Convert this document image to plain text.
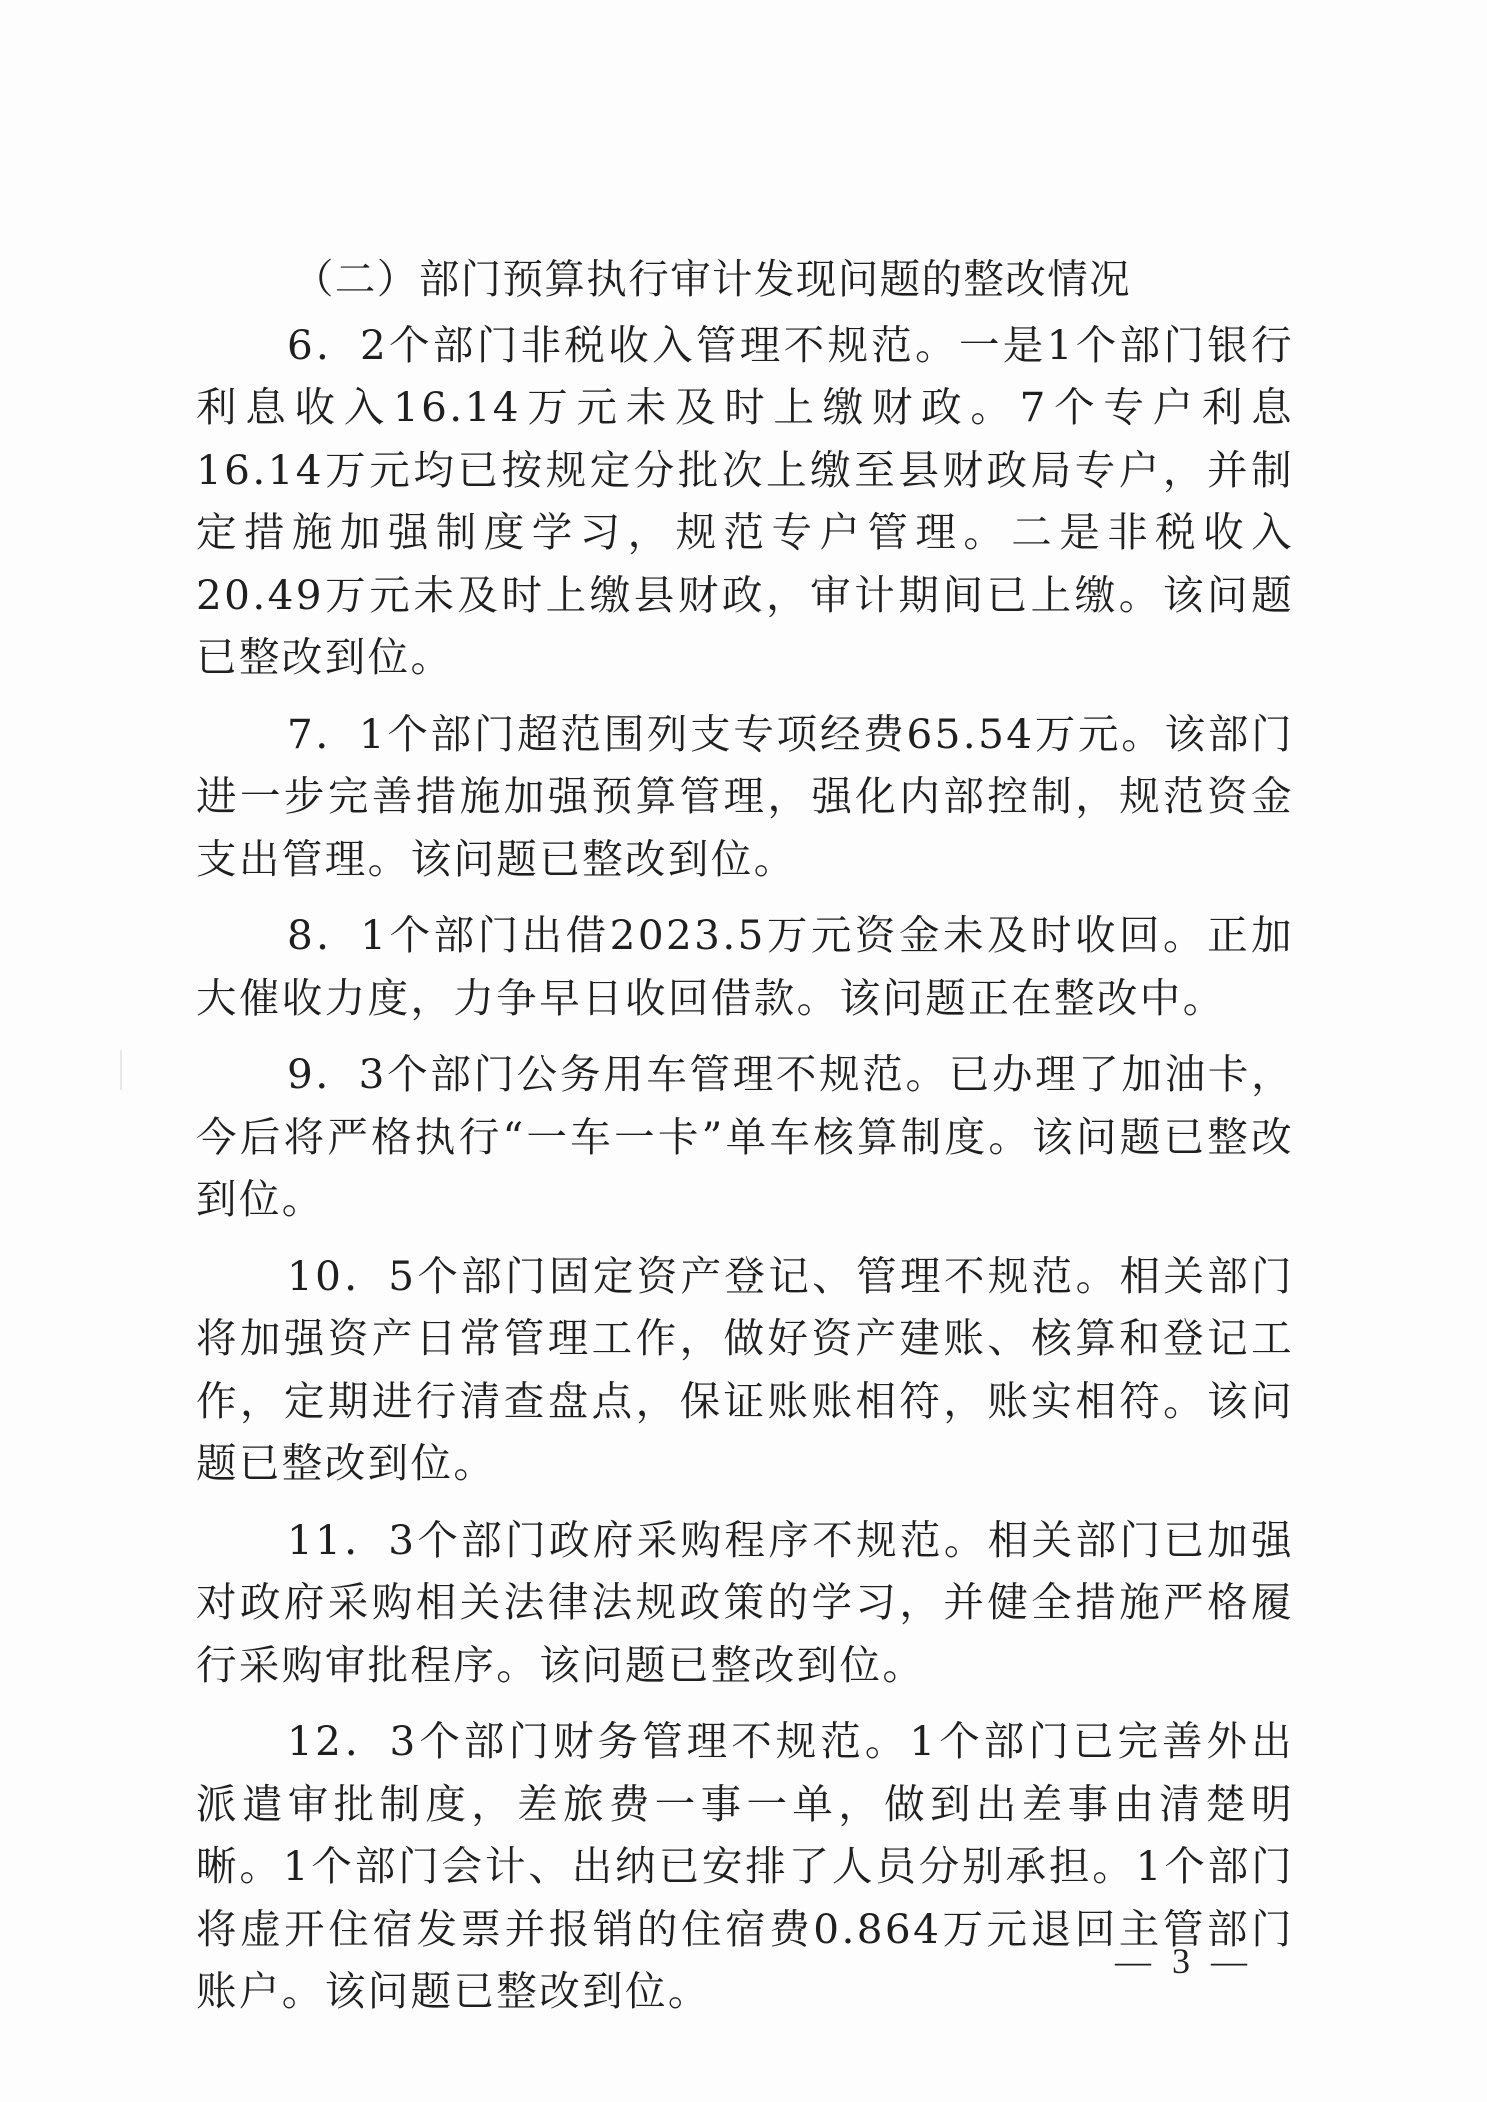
（二）部门预算执行审计发现问题的整改情况

6．2个部门非税收入管理不规范。一是1个部门银行利息收入16.14万元未及时上缴财政。7个专户利息16.14万元均已按规定分批次上缴至县财政局专户，并制定措施加强制度学习，规范专户管理。二是非税收入20.49万元未及时上缴县财政，审计期间已上缴。该问题已整改到位。

7．1个部门超范围列支专项经费65.54万元。该部门进一步完善措施加强预算管理，强化内部控制，规范资金支出管理。该问题已整改到位。

8．1个部门出借2023.5万元资金未及时收回。正加大催收力度，力争早日收回借款。该问题正在整改中。

9．3个部门公务用车管理不规范。已办理了加油卡，今后将严格执行“一车一卡”单车核算制度。该问题已整改到位。

10．5个部门固定资产登记、管理不规范。相关部门将加强资产日常管理工作，做好资产建账、核算和登记工作，定期进行清查盘点，保证账账相符，账实相符。该问题已整改到位。

11．3个部门政府采购程序不规范。相关部门已加强对政府采购相关法律法规政策的学习，并健全措施严格履行采购审批程序。该问题已整改到位。

12．3个部门财务管理不规范。1个部门已完善外出派遣审批制度，差旅费一事一单，做到出差事由清楚明晰。1个部门会计、出纳已安排了人员分别承担。1个部门将虚开住宿发票并报销的住宿费0.864万元退回主管部门账户。该问题已整改到位。

— 3 —
